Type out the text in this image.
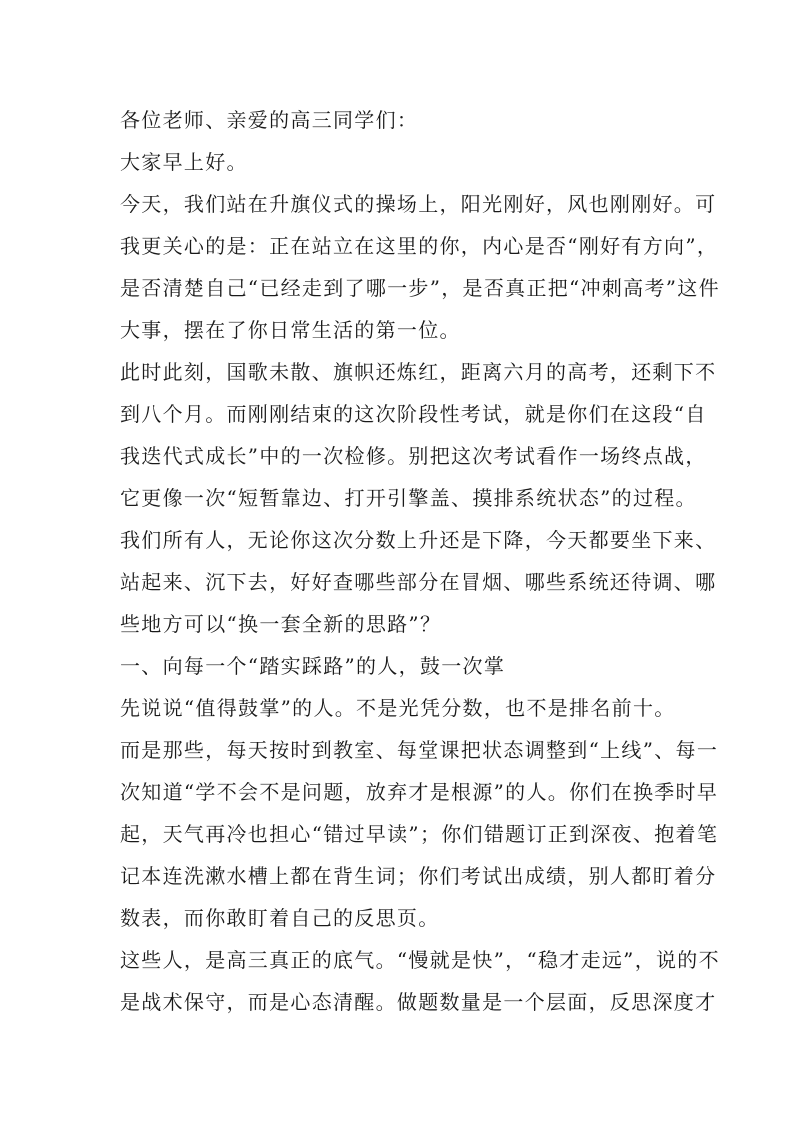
各位老师、亲爱的高三同学们：
大家早上好。
今天，我们站在升旗仪式的操场上，阳光刚好，风也刚刚好。可
我更关心的是：正在站立在这里的你，内心是否“刚好有方向”，
是否清楚自己“已经走到了哪一步”，是否真正把“冲刺高考”这件
大事，摆在了你日常生活的第一位。
此时此刻，国歌未散、旗帜还炼红，距离六月的高考，还剩下不
到八个月。而刚刚结束的这次阶段性考试，就是你们在这段“自
我迭代式成长”中的一次检修。别把这次考试看作一场终点战，
它更像一次“短暂靠边、打开引擎盖、摸排系统状态”的过程。
我们所有人，无论你这次分数上升还是下降，今天都要坐下来、
站起来、沉下去，好好查哪些部分在冒烟、哪些系统还待调、哪
些地方可以“换一套全新的思路”？
一、向每一个“踏实踩路”的人，鼓一次掌
先说说“值得鼓掌”的人。不是光凭分数，也不是排名前十。
而是那些，每天按时到教室、每堂课把状态调整到“上线”、每一
次知道“学不会不是问题，放弃才是根源”的人。你们在换季时早
起，天气再冷也担心“错过早读”；你们错题订正到深夜、抱着笔
记本连洗漱水槽上都在背生词；你们考试出成绩，别人都盯着分
数表，而你敢盯着自己的反思页。
这些人，是高三真正的底气。“慢就是快”，“稳才走远”，说的不
是战术保守，而是心态清醒。做题数量是一个层面，反思深度才
